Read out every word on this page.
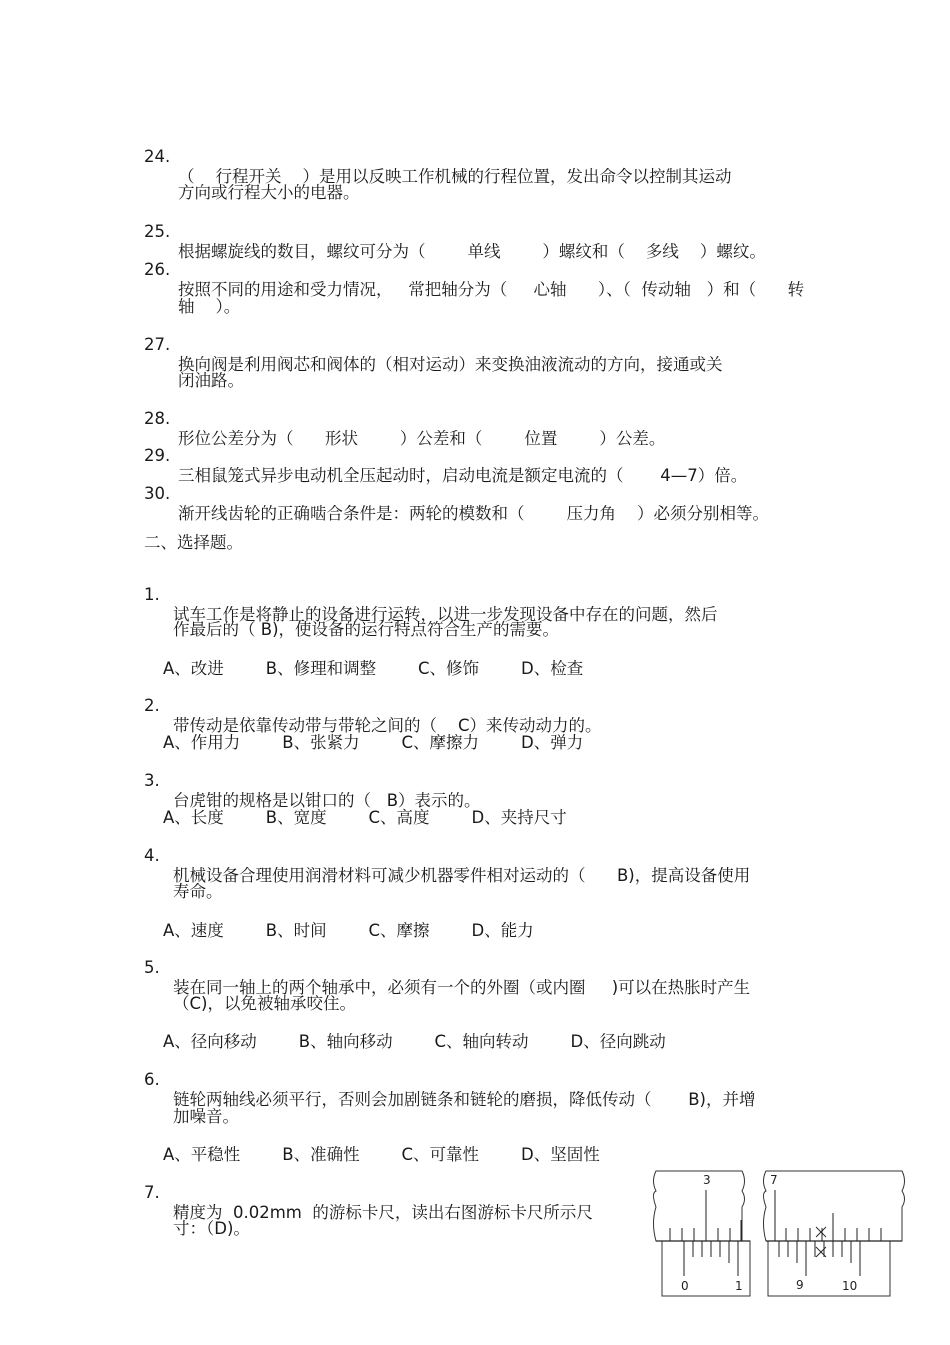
24.

（    行程开关    ）是用以反映工作机械的行程位置，发出命令以控制其运动

方向或行程大小的电器。

25.

根据螺旋线的数目，螺纹可分为（        单线        ）螺纹和（    多线    ）螺纹。

26.

按照不同的用途和受力情况，   常把轴分为（     心轴      ）、（  传动轴   ）和（      转

轴    ）。

27.

换向阀是利用阀芯和阀体的（相对运动）来变换油液流动的方向，接通或关

闭油路。

28.

形位公差分为（      形状        ）公差和（        位置        ）公差。

29.

三相鼠笼式异步电动机全压起动时，启动电流是额定电流的（       4—7）倍。

30.

渐开线齿轮的正确啮合条件是：两轮的模数和（        压力角    ）必须分别相等。

二、选择题。

1.

试车工作是将静止的设备进行运转，以进一步发现设备中存在的问题，然后

作最后的（ B)，使设备的运行特点符合生产的需要。

A、改进        B、修理和调整        C、修饰        D、检查

2.

带传动是依靠传动带与带轮之间的（    C）来传动动力的。

A、作用力        B、张紧力        C、摩擦力        D、弹力

3.

台虎钳的规格是以钳口的（   B）表示的。

A、长度        B、宽度        C、高度        D、夹持尺寸

4.

机械设备合理使用润滑材料可减少机器零件相对运动的（      B)，提高设备使用

寿命。

A、速度        B、时间        C、摩擦        D、能力

5.

装在同一轴上的两个轴承中，必须有一个的外圈（或内圈     )可以在热胀时产生

（C)，以免被轴承咬住。

A、径向移动        B、轴向移动        C、轴向转动        D、径向跳动

6.

链轮两轴线必须平行，否则会加剧链条和链轮的磨损，降低传动（       B)，并增

加噪音。

A、平稳性        B、准确性        C、可靠性        D、坚固性

7.

精度为  0.02mm  的游标卡尺，读出右图游标卡尺所示尺

寸：（D)。

3
0	1
7
9	10
